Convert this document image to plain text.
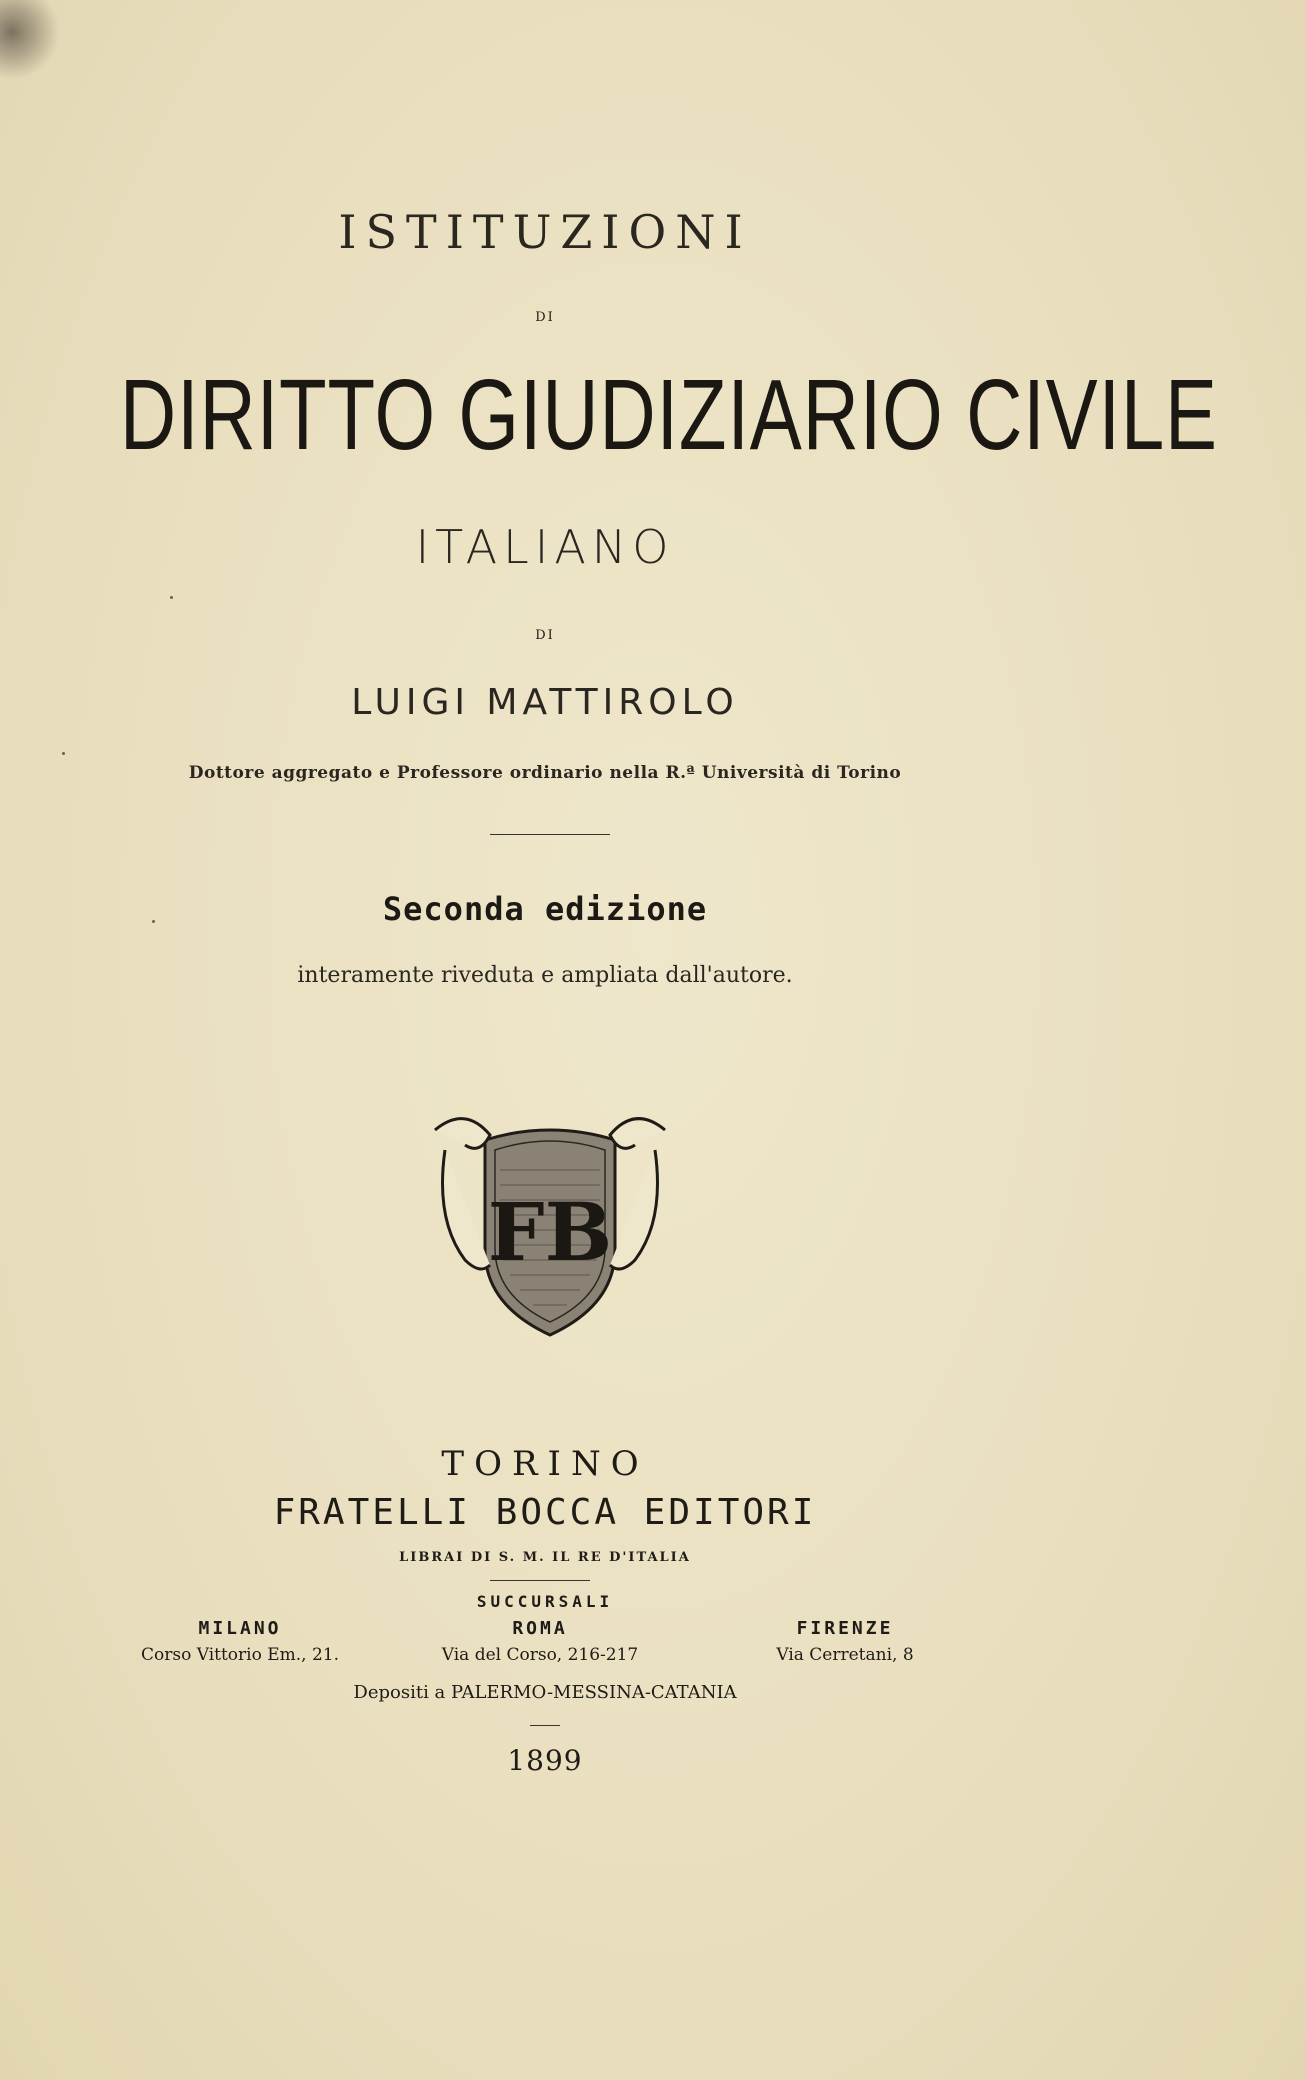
ISTITUZIONI
DI
DIRITTO GIUDIZIARIO CIVILE
ITALIANO
DI
LUIGI MATTIROLO
Dottore aggregato e Professore ordinario nella R.ª Università di Torino
Seconda edizione
interamente riveduta e ampliata dall'autore.
FB
TORINO
FRATELLI BOCCA EDITORI
LIBRAI DI S. M. IL RE D'ITALIA
SUCCURSALI
MILANO
Corso Vittorio Em., 21.
ROMA
Via del Corso, 216-217
FIRENZE
Via Cerretani, 8
Depositi a PALERMO-MESSINA-CATANIA
1899
